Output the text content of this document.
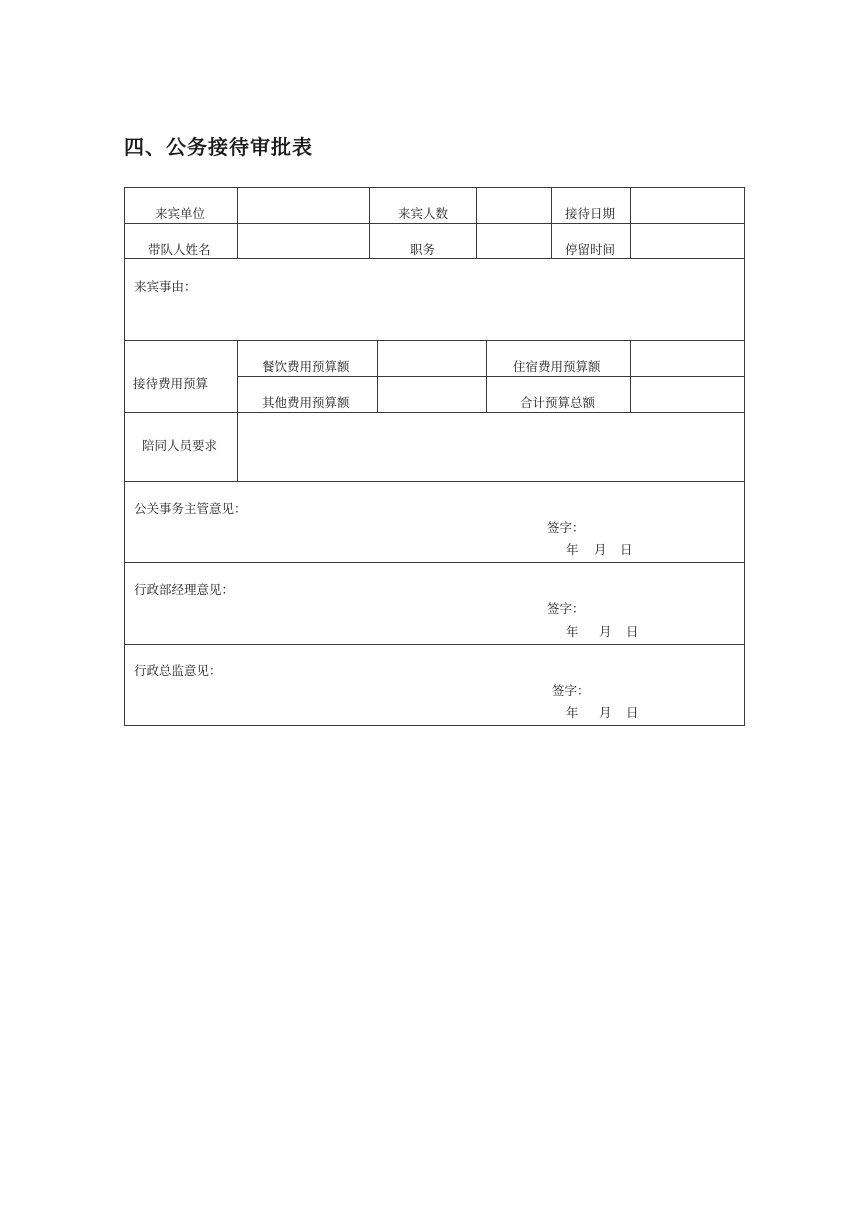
四、公务接待审批表
来宾单位	来宾人数	接待日期
带队人姓名	职务	停留时间
来宾事由：
接待费用预算
餐饮费用预算额	住宿费用预算额
其他费用预算额	合计预算总额
陪同人员要求
公关事务主管意见：
签字：
年 月 日
行政部经理意见：
签字：
年 月 日
行政总监意见：
签字：
年 月 日
